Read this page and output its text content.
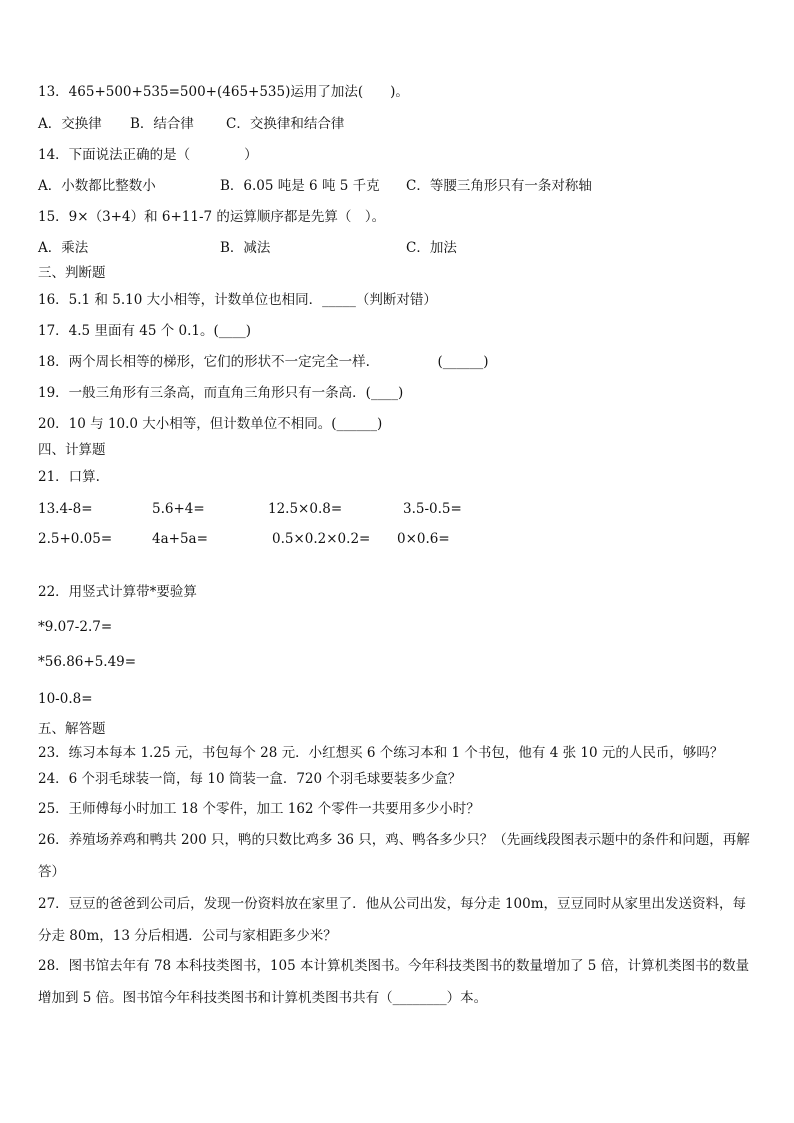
13．465+500+535=500+(465+535)运用了加法(　　)。
A．交换律 B．结合律 C．交换律和结合律
14．下面说法正确的是（　　　　）
A．小数都比整数小	B．6.05 吨是 6 吨 5 千克 C．等腰三角形只有一条对称轴
15．9×（3+4）和 6+11-7 的运算顺序都是先算（　）。
A．乘法	B．减法	C．加法
三、判断题
16．5.1 和 5.10 大小相等，计数单位也相同．_____（判断对错）
17．4.5 里面有 45 个 0.1。(____)
18．两个周长相等的梯形，它们的形状不一定完全一样.　　　　　(______)
19．一般三角形有三条高，而直角三角形只有一条高．(____)
20．10 与 10.0 大小相等，但计数单位不相同。(______)
四、计算题
21．口算.
13.4-8=	5.6+4=	12.5×0.8=	3.5-0.5=
2.5+0.05=	4a+5a=	0.5×0.2×0.2= 0×0.6=
22．用竖式计算带*要验算
*9.07-2.7=
*56.86+5.49=
10-0.8=
五、解答题
23．练习本每本 1.25 元，书包每个 28 元．小红想买 6 个练习本和 1 个书包，他有 4 张 10 元的人民币，够吗？
24．6 个羽毛球装一筒，每 10 筒装一盒．720 个羽毛球要装多少盒？
25．王师傅每小时加工 18 个零件，加工 162 个零件一共要用多少小时？
26．养殖场养鸡和鸭共 200 只，鸭的只数比鸡多 36 只，鸡、鸭各多少只？（先画线段图表示题中的条件和问题，再解答）
27．豆豆的爸爸到公司后，发现一份资料放在家里了．他从公司出发，每分走 100m，豆豆同时从家里出发送资料，每分走 80m，13 分后相遇．公司与家相距多少米？
28．图书馆去年有 78 本科技类图书，105 本计算机类图书。今年科技类图书的数量增加了 5 倍，计算机类图书的数量增加到 5 倍。图书馆今年科技类图书和计算机类图书共有（________）本。
